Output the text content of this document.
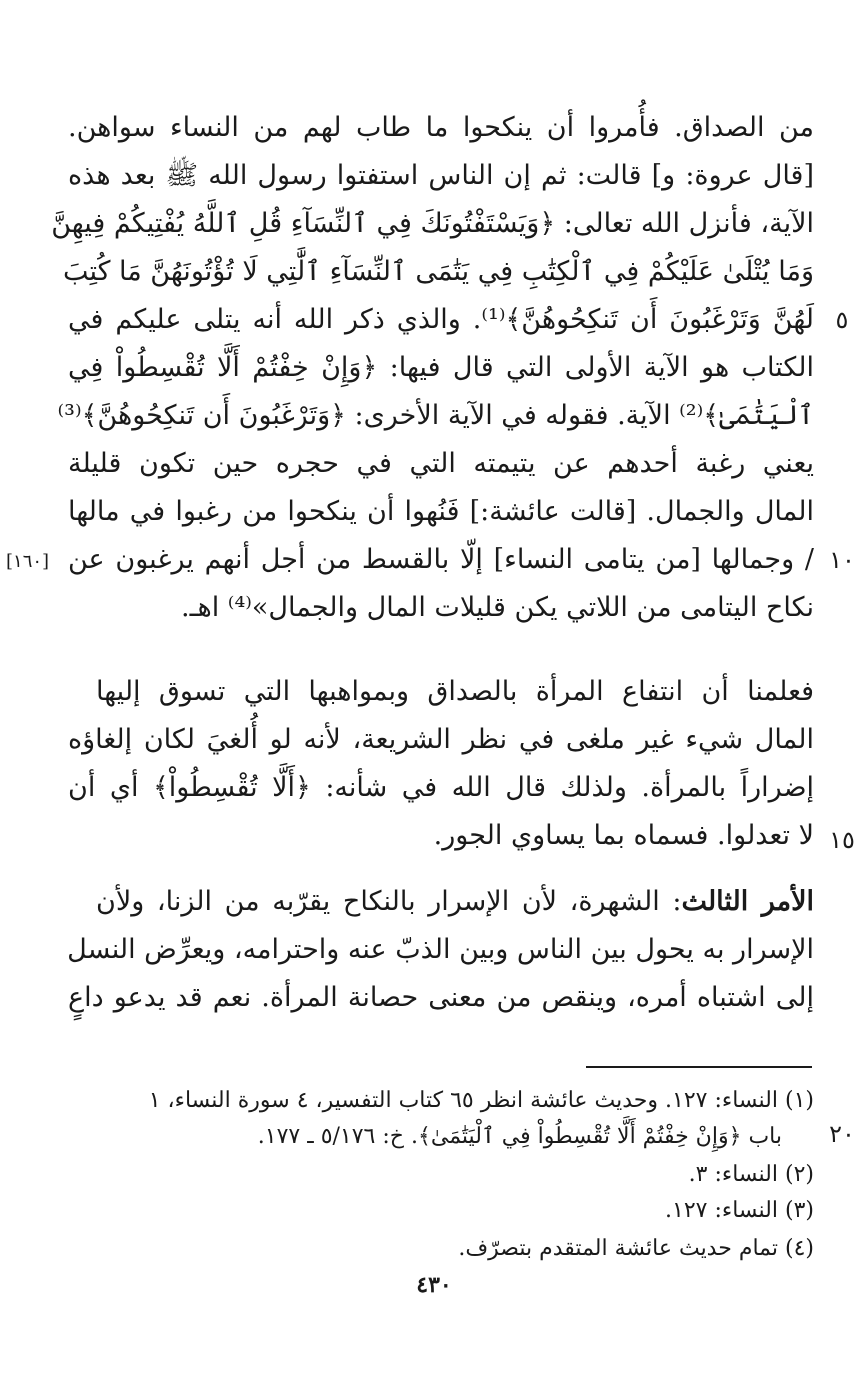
من الصداق. فأُمروا أن ينكحوا ما طاب لهم من النساء سواهن.
[قال عروة: و] قالت: ثم إن الناس استفتوا رسول الله ﷺ بعد هذه
الآية، فأنزل الله تعالى: ﴿وَيَسْتَفْتُونَكَ فِي ٱلنِّسَآءِ قُلِ ٱللَّهُ يُفْتِيكُمْ فِيهِنَّ
وَمَا يُتْلَىٰ عَلَيْكُمْ فِي ٱلْكِتَٰبِ فِي يَتَٰمَى ٱلنِّسَآءِ ٱلَّٰتِي لَا تُؤْتُونَهُنَّ مَا كُتِبَ
لَهُنَّ وَتَرْغَبُونَ أَن تَنكِحُوهُنَّ﴾⁽¹⁾. والذي ذكر الله أنه يتلى عليكم في
الكتاب هو الآية الأولى التي قال فيها: ﴿وَإِنْ خِفْتُمْ أَلَّا تُقْسِطُواْ فِي
ٱلْيَتَٰمَىٰ﴾⁽²⁾ الآية. فقوله في الآية الأخرى: ﴿وَتَرْغَبُونَ أَن تَنكِحُوهُنَّ﴾⁽³⁾
يعني رغبة أحدهم عن يتيمته التي في حجره حين تكون قليلة
المال والجمال. [قالت عائشة:] فَنُهوا أن ينكحوا من رغبوا في مالها
/ وجمالها [من يتامى النساء] إلّا بالقسط من أجل أنهم يرغبون عن
نكاح اليتامى من اللاتي يكن قليلات المال والجمال»⁽⁴⁾ اهـ.
فعلمنا أن انتفاع المرأة بالصداق وبمواهبها التي تسوق إليها
المال شيء غير ملغى في نظر الشريعة، لأنه لو أُلغيَ لكان إلغاؤه
إضراراً بالمرأة. ولذلك قال الله في شأنه: ﴿أَلَّا تُقْسِطُواْ﴾ أي أن
لا تعدلوا. فسماه بما يساوي الجور.
الأمر الثالث: الشهرة، لأن الإسرار بالنكاح يقرّبه من الزنا، ولأن
الإسرار به يحول بين الناس وبين الذبّ عنه واحترامه، ويعرِّض النسل
إلى اشتباه أمره، وينقص من معنى حصانة المرأة. نعم قد يدعو داعٍ
٥
١٠
١٥
٢٠
[١٦٠]
(١) النساء: ١٢٧. وحديث عائشة انظر ٦٥ كتاب التفسير، ٤ سورة النساء، ١
باب ﴿وَإِنْ خِفْتُمْ أَلَّا تُقْسِطُواْ فِي ٱلْيَتَٰمَىٰ﴾. خ: ٥/١٧٦ ـ ١٧٧.
(٢) النساء: ٣.
(٣) النساء: ١٢٧.
(٤) تمام حديث عائشة المتقدم بتصرّف.
٤٣٠
